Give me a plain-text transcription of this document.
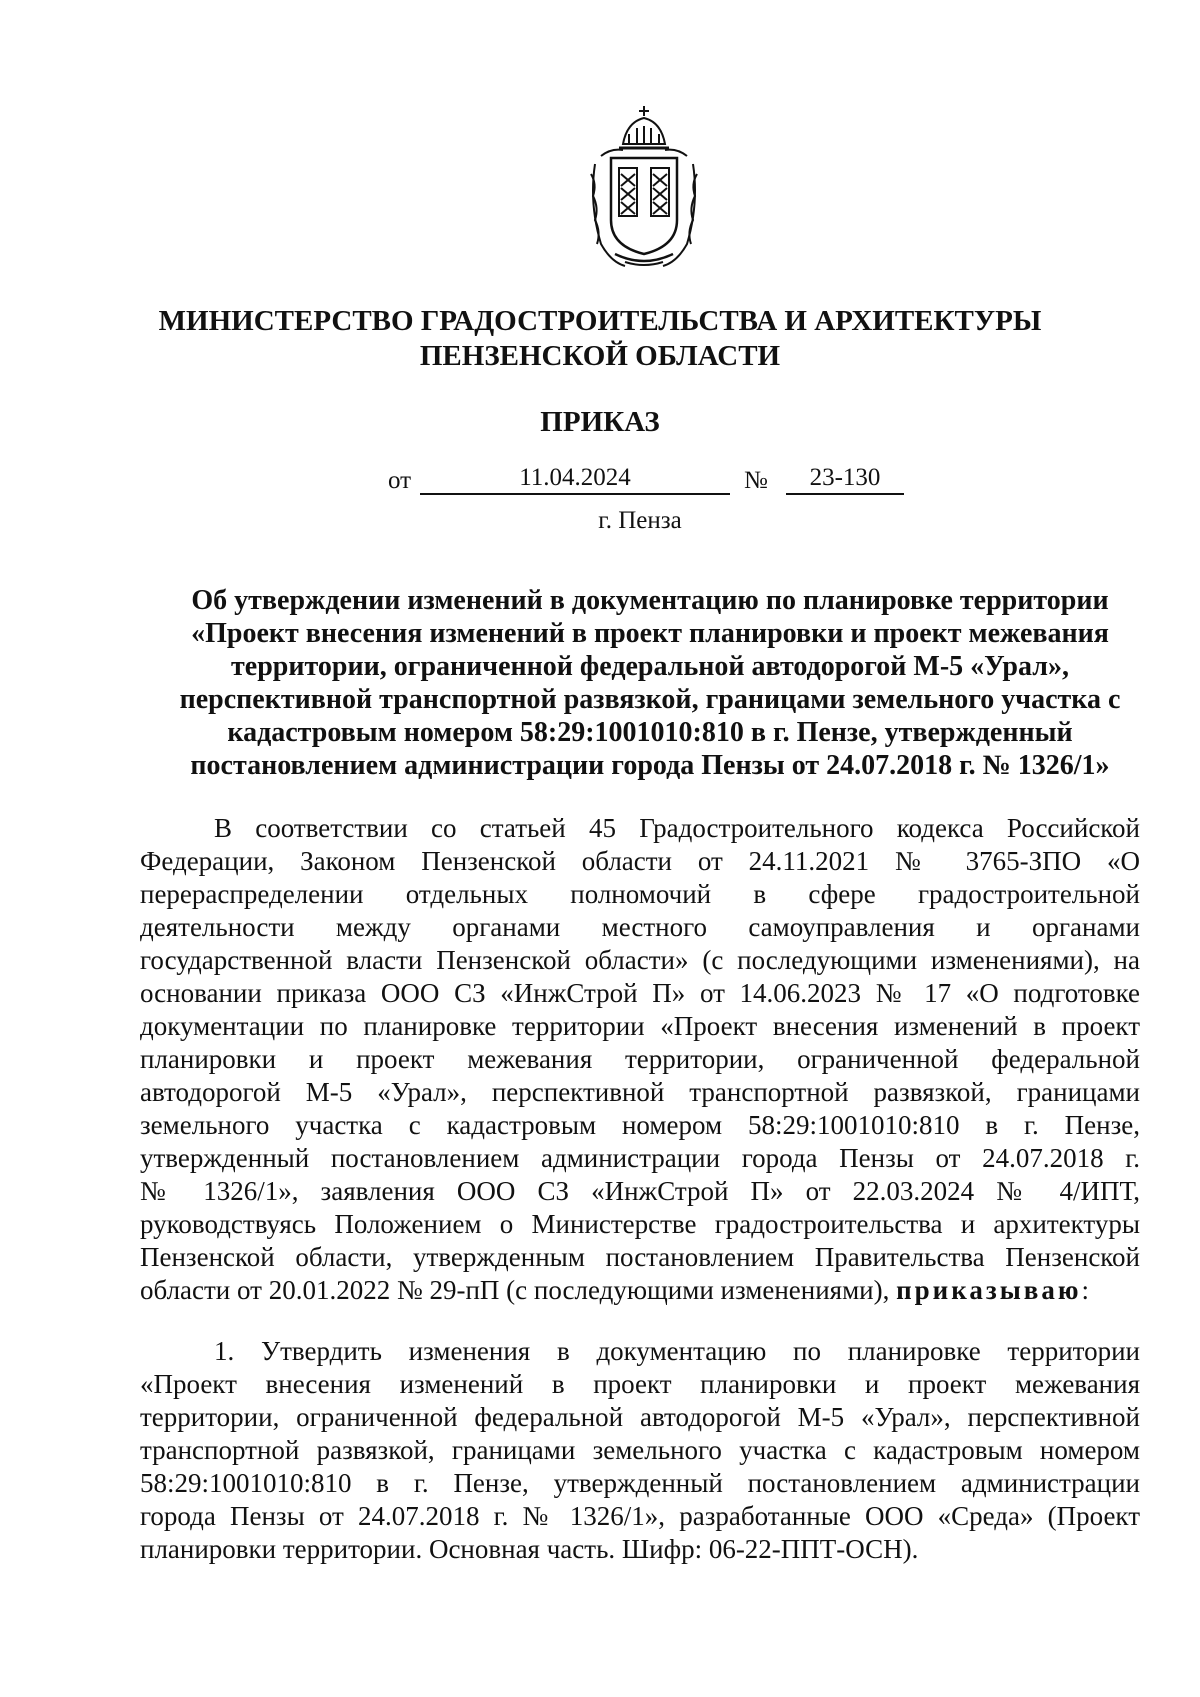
МИНИСТЕРСТВО ГРАДОСТРОИТЕЛЬСТВА И АРХИТЕКТУРЫ
ПЕНЗЕНСКОЙ ОБЛАСТИ
ПРИКАЗ
от	11.04.2024	№	23-130
г. Пенза
Об утверждении изменений в документацию по планировке территории
«Проект внесения изменений в проект планировки и проект межевания
территории, ограниченной федеральной автодорогой М-5 «Урал»,
перспективной транспортной развязкой, границами земельного участка с
кадастровым номером 58:29:1001010:810 в г. Пензе, утвержденный
постановлением администрации города Пензы от 24.07.2018 г. № 1326/1»
В соответствии со статьей 45 Градостроительного кодекса Российской
Федерации, Законом Пензенской области от 24.11.2021 № 3765-ЗПО «О
перераспределении отдельных полномочий в сфере градостроительной
деятельности между органами местного самоуправления и органами
государственной власти Пензенской области» (с последующими изменениями), на
основании приказа ООО СЗ «ИнжСтрой П» от 14.06.2023 № 17 «О подготовке
документации по планировке территории «Проект внесения изменений в проект
планировки и проект межевания территории, ограниченной федеральной
автодорогой М-5 «Урал», перспективной транспортной развязкой, границами
земельного участка с кадастровым номером 58:29:1001010:810 в г. Пензе,
утвержденный постановлением администрации города Пензы от 24.07.2018 г.
№ 1326/1», заявления ООО СЗ «ИнжСтрой П» от 22.03.2024 № 4/ИПТ,
руководствуясь Положением о Министерстве градостроительства и архитектуры
Пензенской области, утвержденным постановлением Правительства Пензенской
области от 20.01.2022 № 29-пП (с последующими изменениями), приказываю:
1. Утвердить изменения в документацию по планировке территории
«Проект внесения изменений в проект планировки и проект межевания
территории, ограниченной федеральной автодорогой М-5 «Урал», перспективной
транспортной развязкой, границами земельного участка с кадастровым номером
58:29:1001010:810 в г. Пензе, утвержденный постановлением администрации
города Пензы от 24.07.2018 г. № 1326/1», разработанные ООО «Среда» (Проект
планировки территории. Основная часть. Шифр: 06-22-ППТ-ОСН).
